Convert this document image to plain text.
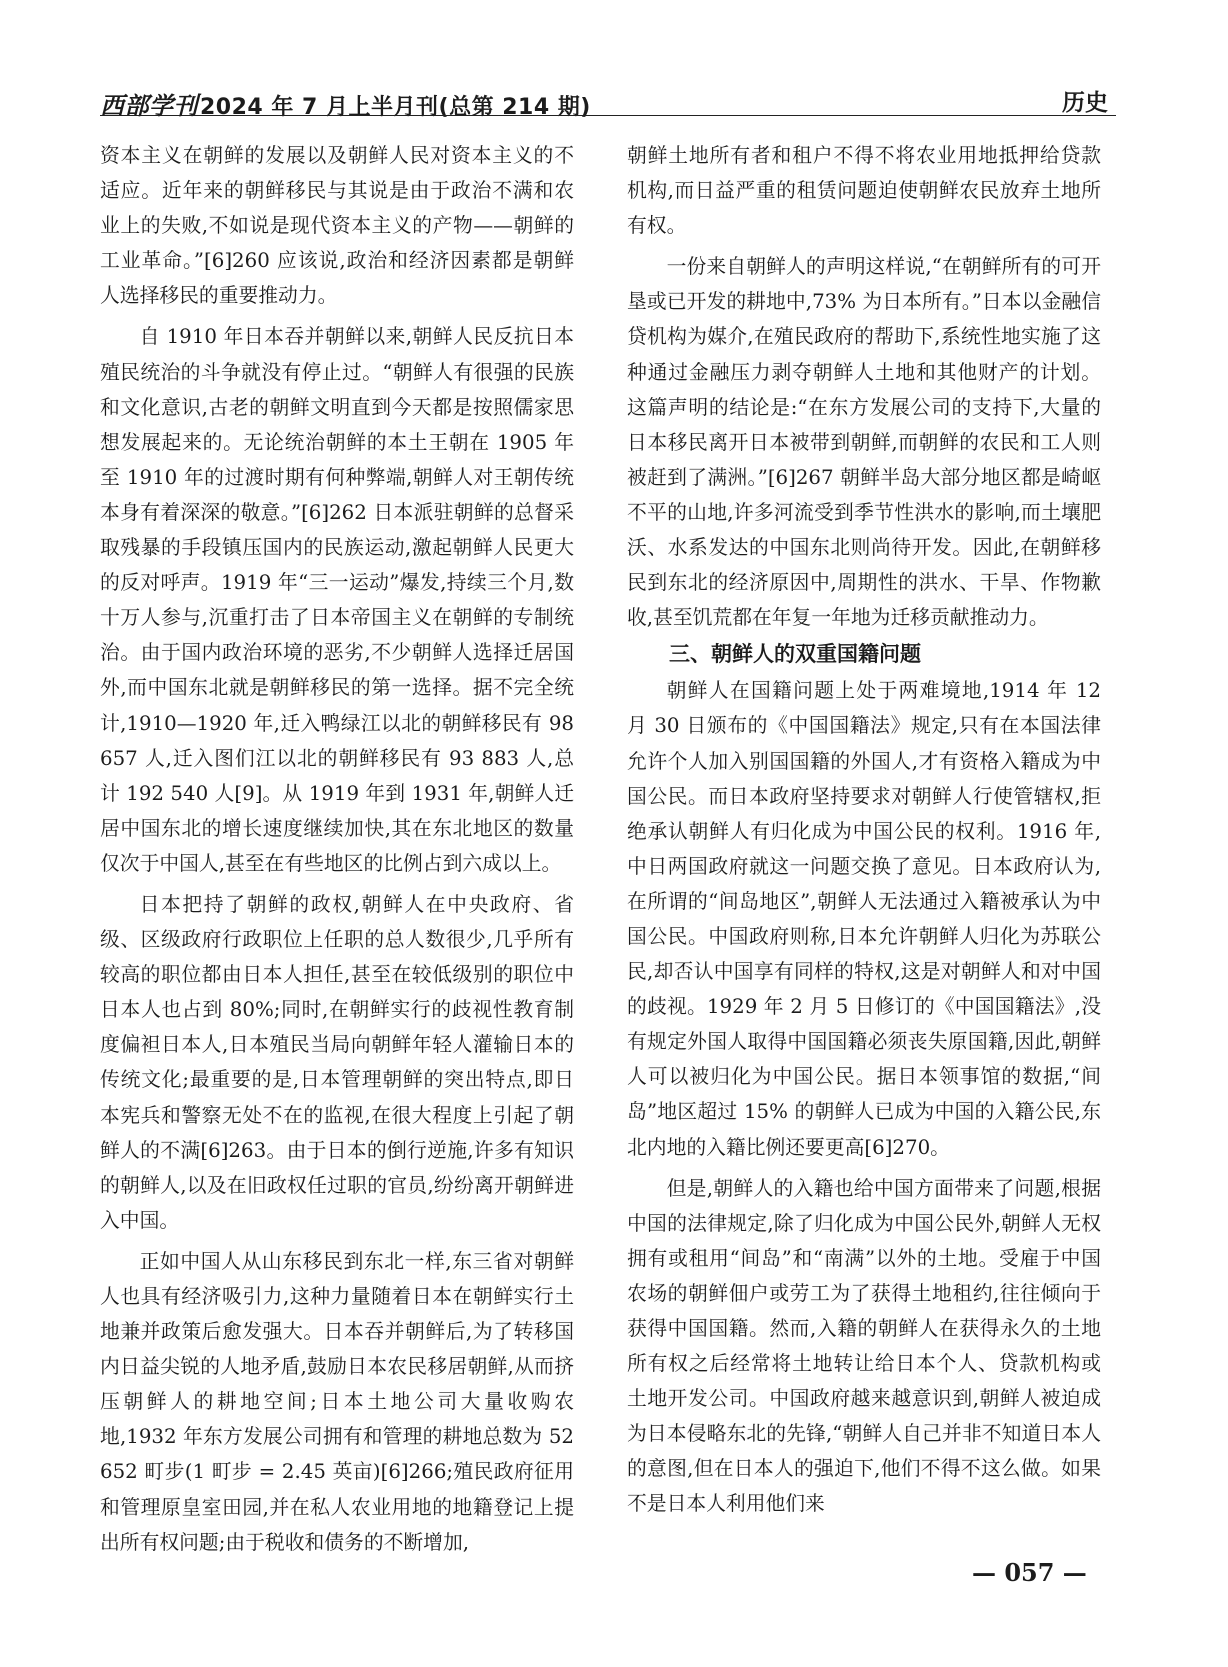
西部学刊2024 年 7 月上半月刊(总第 214 期)	历史

资本主义在朝鲜的发展以及朝鲜人民对资本主义的不适应。近年来的朝鲜移民与其说是由于政治不满和农业上的失败,不如说是现代资本主义的产物——朝鲜的工业革命。”[6]260 应该说,政治和经济因素都是朝鲜人选择移民的重要推动力。

自 1910 年日本吞并朝鲜以来,朝鲜人民反抗日本殖民统治的斗争就没有停止过。“朝鲜人有很强的民族和文化意识,古老的朝鲜文明直到今天都是按照儒家思想发展起来的。无论统治朝鲜的本土王朝在 1905 年至 1910 年的过渡时期有何种弊端,朝鲜人对王朝传统本身有着深深的敬意。”[6]262 日本派驻朝鲜的总督采取残暴的手段镇压国内的民族运动,激起朝鲜人民更大的反对呼声。1919 年“三一运动”爆发,持续三个月,数十万人参与,沉重打击了日本帝国主义在朝鲜的专制统治。由于国内政治环境的恶劣,不少朝鲜人选择迁居国外,而中国东北就是朝鲜移民的第一选择。据不完全统计,1910—1920 年,迁入鸭绿江以北的朝鲜移民有 98 657 人,迁入图们江以北的朝鲜移民有 93 883 人,总计 192 540 人[9]。从 1919 年到 1931 年,朝鲜人迁居中国东北的增长速度继续加快,其在东北地区的数量仅次于中国人,甚至在有些地区的比例占到六成以上。

日本把持了朝鲜的政权,朝鲜人在中央政府、省级、区级政府行政职位上任职的总人数很少,几乎所有较高的职位都由日本人担任,甚至在较低级别的职位中日本人也占到 80%;同时,在朝鲜实行的歧视性教育制度偏袒日本人,日本殖民当局向朝鲜年轻人灌输日本的传统文化;最重要的是,日本管理朝鲜的突出特点,即日本宪兵和警察无处不在的监视,在很大程度上引起了朝鲜人的不满[6]263。由于日本的倒行逆施,许多有知识的朝鲜人,以及在旧政权任过职的官员,纷纷离开朝鲜进入中国。

正如中国人从山东移民到东北一样,东三省对朝鲜人也具有经济吸引力,这种力量随着日本在朝鲜实行土地兼并政策后愈发强大。日本吞并朝鲜后,为了转移国内日益尖锐的人地矛盾,鼓励日本农民移居朝鲜,从而挤压朝鲜人的耕地空间;日本土地公司大量收购农地,1932 年东方发展公司拥有和管理的耕地总数为 52 652 町步(1 町步 = 2.45 英亩)[6]266;殖民政府征用和管理原皇室田园,并在私人农业用地的地籍登记上提出所有权问题;由于税收和债务的不断增加,

朝鲜土地所有者和租户不得不将农业用地抵押给贷款机构,而日益严重的租赁问题迫使朝鲜农民放弃土地所有权。

一份来自朝鲜人的声明这样说,“在朝鲜所有的可开垦或已开发的耕地中,73% 为日本所有。”日本以金融信贷机构为媒介,在殖民政府的帮助下,系统性地实施了这种通过金融压力剥夺朝鲜人土地和其他财产的计划。这篇声明的结论是:“在东方发展公司的支持下,大量的日本移民离开日本被带到朝鲜,而朝鲜的农民和工人则被赶到了满洲。”[6]267 朝鲜半岛大部分地区都是崎岖不平的山地,许多河流受到季节性洪水的影响,而土壤肥沃、水系发达的中国东北则尚待开发。因此,在朝鲜移民到东北的经济原因中,周期性的洪水、干旱、作物歉收,甚至饥荒都在年复一年地为迁移贡献推动力。

三、朝鲜人的双重国籍问题

朝鲜人在国籍问题上处于两难境地,1914 年 12 月 30 日颁布的《中国国籍法》规定,只有在本国法律允许个人加入别国国籍的外国人,才有资格入籍成为中国公民。而日本政府坚持要求对朝鲜人行使管辖权,拒绝承认朝鲜人有归化成为中国公民的权利。1916 年,中日两国政府就这一问题交换了意见。日本政府认为,在所谓的“间岛地区”,朝鲜人无法通过入籍被承认为中国公民。中国政府则称,日本允许朝鲜人归化为苏联公民,却否认中国享有同样的特权,这是对朝鲜人和对中国的歧视。1929 年 2 月 5 日修订的《中国国籍法》,没有规定外国人取得中国国籍必须丧失原国籍,因此,朝鲜人可以被归化为中国公民。据日本领事馆的数据,“间岛”地区超过 15% 的朝鲜人已成为中国的入籍公民,东北内地的入籍比例还要更高[6]270。

但是,朝鲜人的入籍也给中国方面带来了问题,根据中国的法律规定,除了归化成为中国公民外,朝鲜人无权拥有或租用“间岛”和“南满”以外的土地。受雇于中国农场的朝鲜佃户或劳工为了获得土地租约,往往倾向于获得中国国籍。然而,入籍的朝鲜人在获得永久的土地所有权之后经常将土地转让给日本个人、贷款机构或土地开发公司。中国政府越来越意识到,朝鲜人被迫成为日本侵略东北的先锋,“朝鲜人自己并非不知道日本人的意图,但在日本人的强迫下,他们不得不这么做。如果不是日本人利用他们来

— 057 —
